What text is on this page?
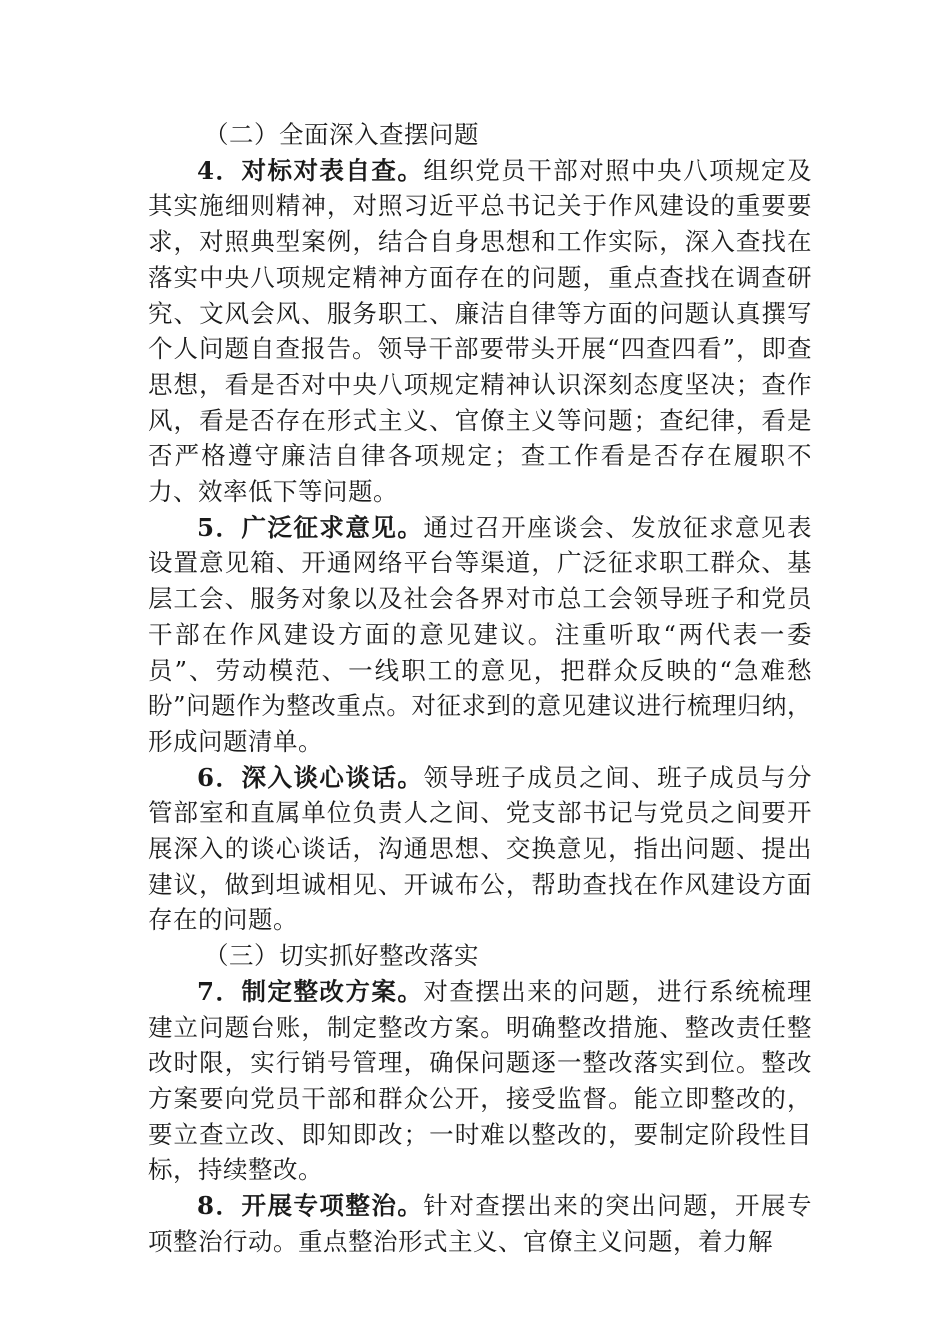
（二）全面深入查摆问题

4．对标对表自查。组织党员干部对照中央八项规定及其实施细则精神，对照习近平总书记关于作风建设的重要要求，对照典型案例，结合自身思想和工作实际，深入查找在落实中央八项规定精神方面存在的问题，重点查找在调查研究、文风会风、服务职工、廉洁自律等方面的问题认真撰写个人问题自查报告。领导干部要带头开展“四查四看”，即查思想，看是否对中央八项规定精神认识深刻态度坚决；查作风，看是否存在形式主义、官僚主义等问题；查纪律，看是否严格遵守廉洁自律各项规定；查工作看是否存在履职不力、效率低下等问题。

5．广泛征求意见。通过召开座谈会、发放征求意见表设置意见箱、开通网络平台等渠道，广泛征求职工群众、基层工会、服务对象以及社会各界对市总工会领导班子和党员干部在作风建设方面的意见建议。注重听取“两代表一委员”、劳动模范、一线职工的意见，把群众反映的“急难愁盼”问题作为整改重点。对征求到的意见建议进行梳理归纳，形成问题清单。

6．深入谈心谈话。领导班子成员之间、班子成员与分管部室和直属单位负责人之间、党支部书记与党员之间要开展深入的谈心谈话，沟通思想、交换意见，指出问题、提出建议，做到坦诚相见、开诚布公，帮助查找在作风建设方面存在的问题。

（三）切实抓好整改落实

7．制定整改方案。对查摆出来的问题，进行系统梳理建立问题台账，制定整改方案。明确整改措施、整改责任整改时限，实行销号管理，确保问题逐一整改落实到位。整改方案要向党员干部和群众公开，接受监督。能立即整改的，要立查立改、即知即改；一时难以整改的，要制定阶段性目标，持续整改。

8．开展专项整治。针对查摆出来的突出问题，开展专项整治行动。重点整治形式主义、官僚主义问题，着力解
